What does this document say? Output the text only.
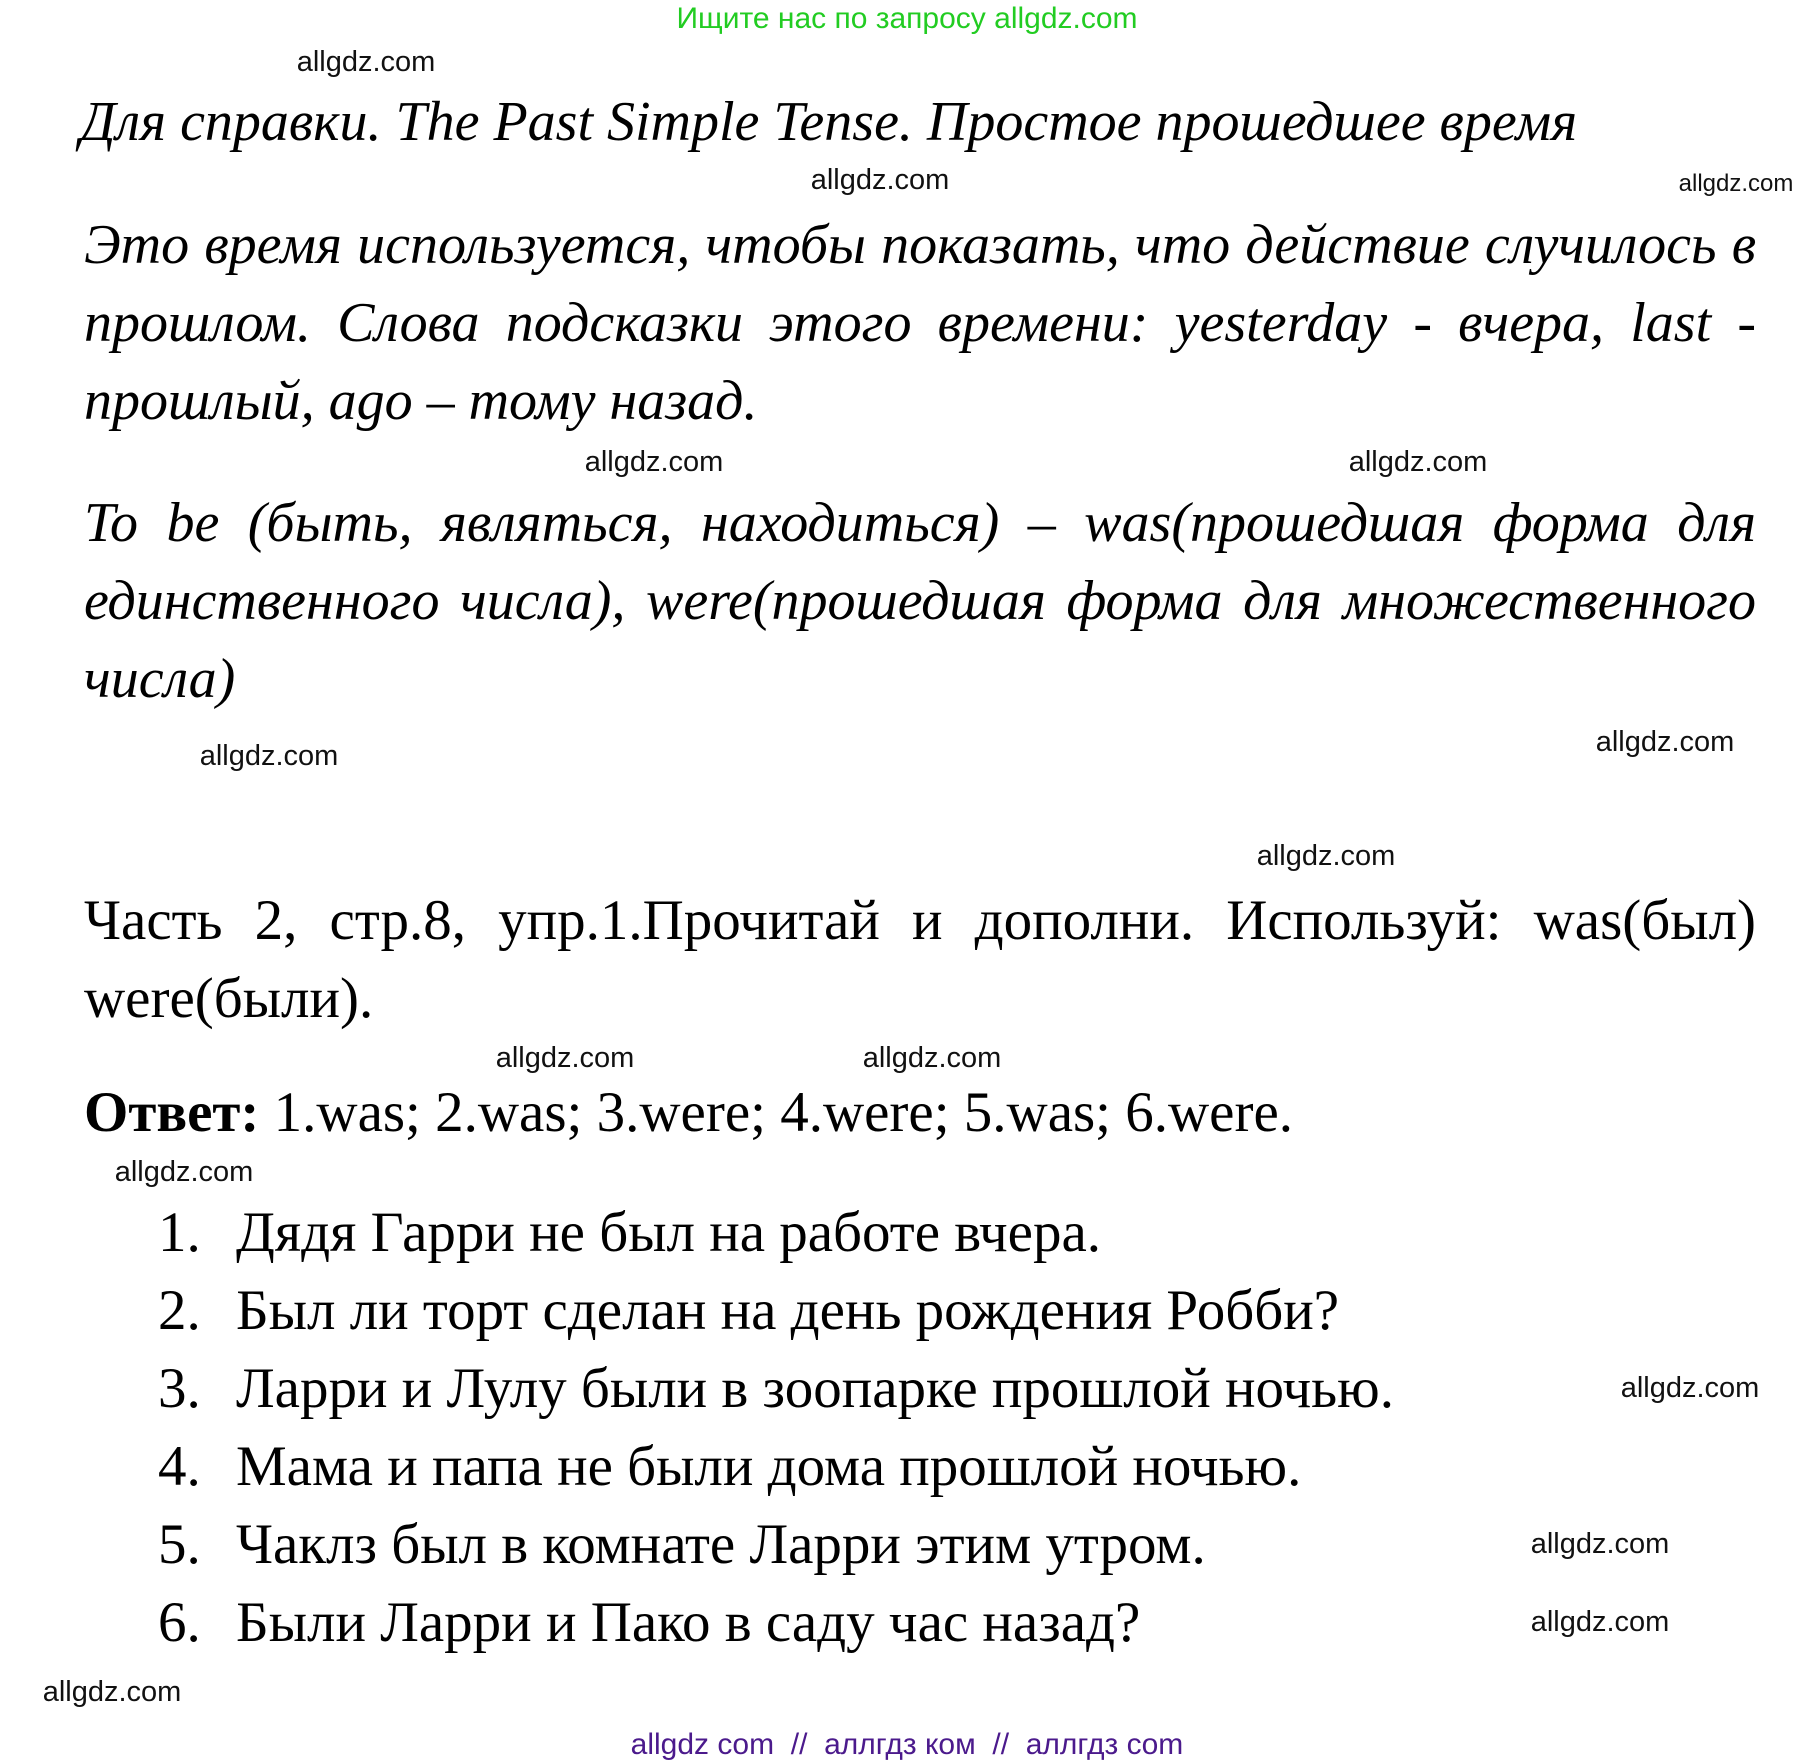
Ищите нас по запросу allgdz.com
Для справки. The Past Simple Tense. Простое прошедшее время
Это время используется, чтобы показать, что действие случилось в прошлом. Слова подсказки этого времени: yesterday - вчера, last - прошлый, ago – тому назад.
To be (быть, являться, находиться) – was(прошедшая форма для единственного числа), were(прошедшая форма для множественного числа)
Часть 2, стр.8, упр.1.Прочитай и дополни. Используй: was(был) were(были).
Ответ: 1.was; 2.was; 3.were; 4.were; 5.was; 6.were.
1. Дядя Гарри не был на работе вчера.
2. Был ли торт сделан на день рождения Робби?
3. Ларри и Лулу были в зоопарке прошлой ночью.
4. Мама и папа не были дома прошлой ночью.
5. Чаклз был в комнате Ларри этим утром.
6. Были Ларри и Пако в саду час назад?
allgdz.com
allgdz.com	allgdz.com
allgdz.com
allgdz.com
allgdz.com
allgdz.com
allgdz.com
allgdz.com	allgdz.com
allgdz.com
allgdz.com
allgdz.com
allgdz.com
allgdz.com
allgdz com  //  аллгдз ком  //  аллгдз com
